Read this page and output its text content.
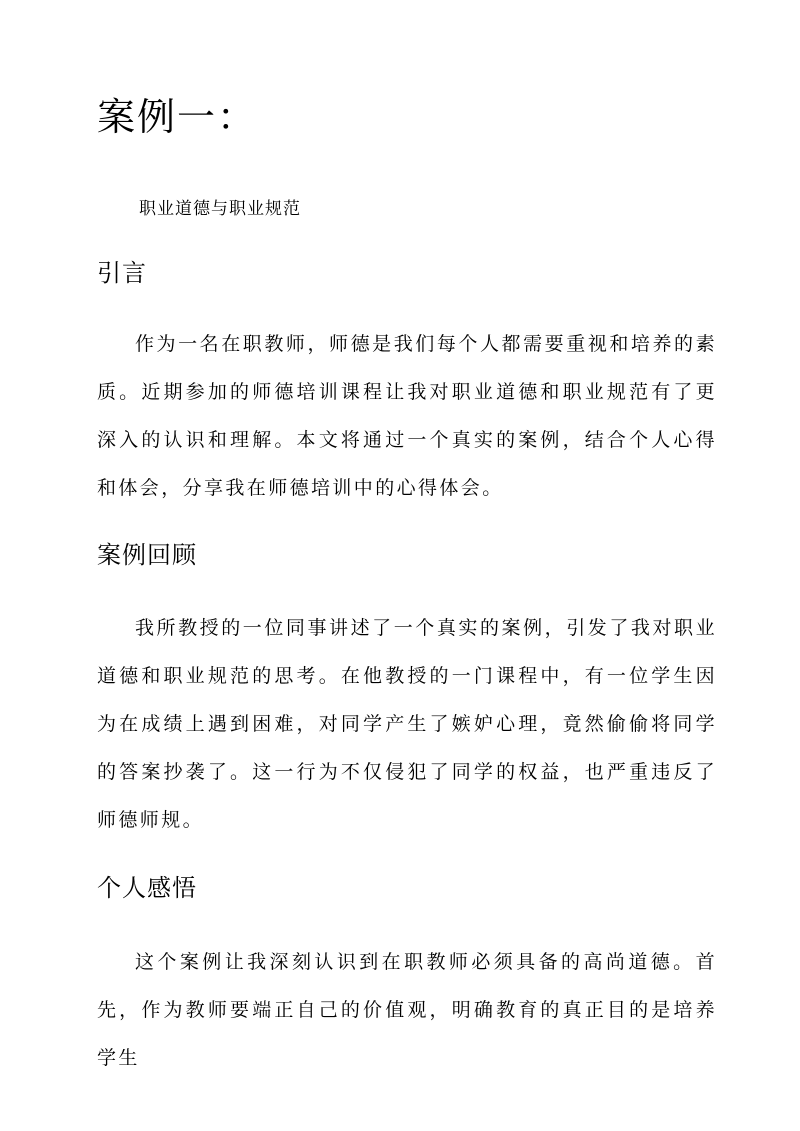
案例一：

职业道德与职业规范

引言

作为一名在职教师，师德是我们每个人都需要重视和培养的素质。近期参加的师德培训课程让我对职业道德和职业规范有了更深入的认识和理解。本文将通过一个真实的案例，结合个人心得和体会，分享我在师德培训中的心得体会。

案例回顾

我所教授的一位同事讲述了一个真实的案例，引发了我对职业道德和职业规范的思考。在他教授的一门课程中，有一位学生因为在成绩上遇到困难，对同学产生了嫉妒心理，竟然偷偷将同学的答案抄袭了。这一行为不仅侵犯了同学的权益，也严重违反了师德师规。

个人感悟

这个案例让我深刻认识到在职教师必须具备的高尚道德。首先，作为教师要端正自己的价值观，明确教育的真正目的是培养学生
